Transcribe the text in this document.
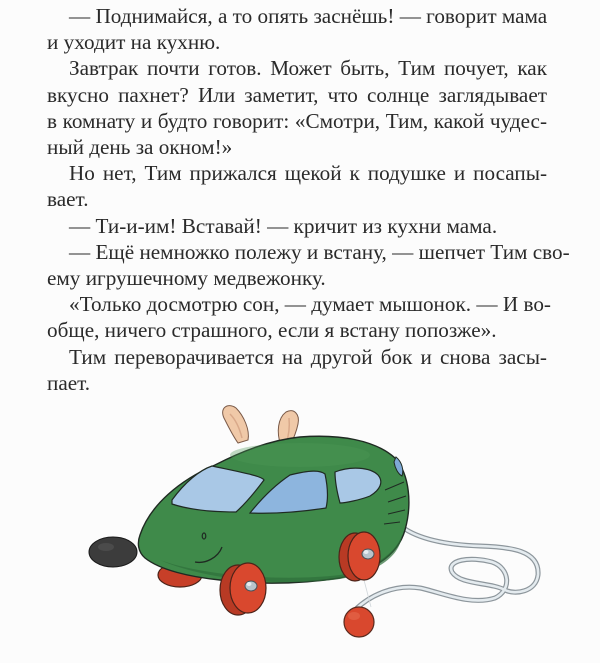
— Поднимайся, а то опять заснёшь! — говорит мама
и уходит на кухню.

Завтрак почти готов. Может быть, Тим почует, как
вкусно пахнет? Или заметит, что солнце заглядывает
в комнату и будто говорит: «Смотри, Тим, какой чудес-
ный день за окном!»

Но нет, Тим прижался щекой к подушке и посапы-
вает.

— Ти-и-им! Вставай! — кричит из кухни мама.

— Ещё немножко полежу и встану, — шепчет Тим сво-
ему игрушечному медвежонку.

«Только досмотрю сон, — думает мышонок. — И во-
обще, ничего страшного, если я встану попозже».

Тим переворачивается на другой бок и снова засы-
пает.
